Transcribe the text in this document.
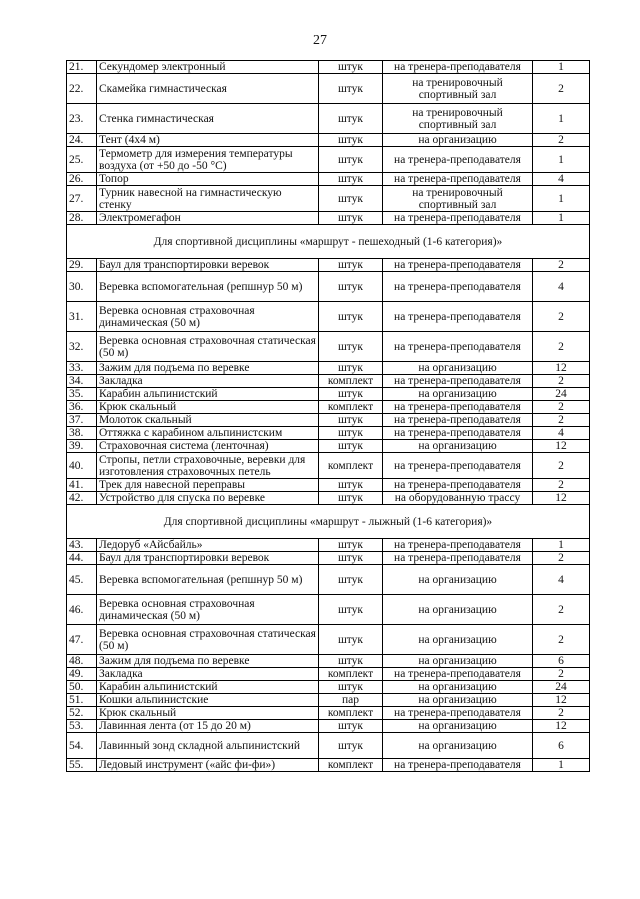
27
21.	Секундомер электронный	штук	на тренера-преподавателя	1
22.	Скамейка гимнастическая	штук	на тренировочный спортивный зал	2
23.	Стенка гимнастическая	штук	на тренировочный спортивный зал	1
24.	Тент (4x4 м)	штук	на организацию	2
25.	Термометр для измерения температуры воздуха (от +50 до -50 °C)	штук	на тренера-преподавателя	1
26.	Топор	штук	на тренера-преподавателя	4
27.	Турник навесной на гимнастическую стенку	штук	на тренировочный спортивный зал	1
28.	Электромегафон	штук	на тренера-преподавателя	1
Для спортивной дисциплины «маршрут - пешеходный (1-6 категория)»				
29.	Баул для транспортировки веревок	штук	на тренера-преподавателя	2
30.	Веревка вспомогательная (репшнур 50 м)	штук	на тренера-преподавателя	4
31.	Веревка основная страховочная динамическая (50 м)	штук	на тренера-преподавателя	2
32.	Веревка основная страховочная статическая (50 м)	штук	на тренера-преподавателя	2
33.	Зажим для подъема по веревке	штук	на организацию	12
34.	Закладка	комплект	на тренера-преподавателя	2
35.	Карабин альпинистский	штук	на организацию	24
36.	Крюк скальный	комплект	на тренера-преподавателя	2
37.	Молоток скальный	штук	на тренера-преподавателя	2
38.	Оттяжка с карабином альпинистским	штук	на тренера-преподавателя	4
39.	Страховочная система (ленточная)	штук	на организацию	12
40.	Стропы, петли страховочные, веревки для изготовления страховочных петель	комплект	на тренера-преподавателя	2
41.	Трек для навесной переправы	штук	на тренера-преподавателя	2
42.	Устройство для спуска по веревке	штук	на оборудованную трассу	12
Для спортивной дисциплины «маршрут - лыжный (1-6 категория)»				
43.	Ледоруб «Айсбайль»	штук	на тренера-преподавателя	1
44.	Баул для транспортировки веревок	штук	на тренера-преподавателя	2
45.	Веревка вспомогательная (репшнур 50 м)	штук	на организацию	4
46.	Веревка основная страховочная динамическая (50 м)	штук	на организацию	2
47.	Веревка основная страховочная статическая (50 м)	штук	на организацию	2
48.	Зажим для подъема по веревке	штук	на организацию	6
49.	Закладка	комплект	на тренера-преподавателя	2
50.	Карабин альпинистский	штук	на организацию	24
51.	Кошки альпинистские	пар	на организацию	12
52.	Крюк скальный	комплект	на тренера-преподавателя	2
53.	Лавинная лента (от 15 до 20 м)	штук	на организацию	12
54.	Лавинный зонд складной альпинистский	штук	на организацию	6
55.	Ледовый инструмент («айс фи-фи»)	комплект	на тренера-преподавателя	1
